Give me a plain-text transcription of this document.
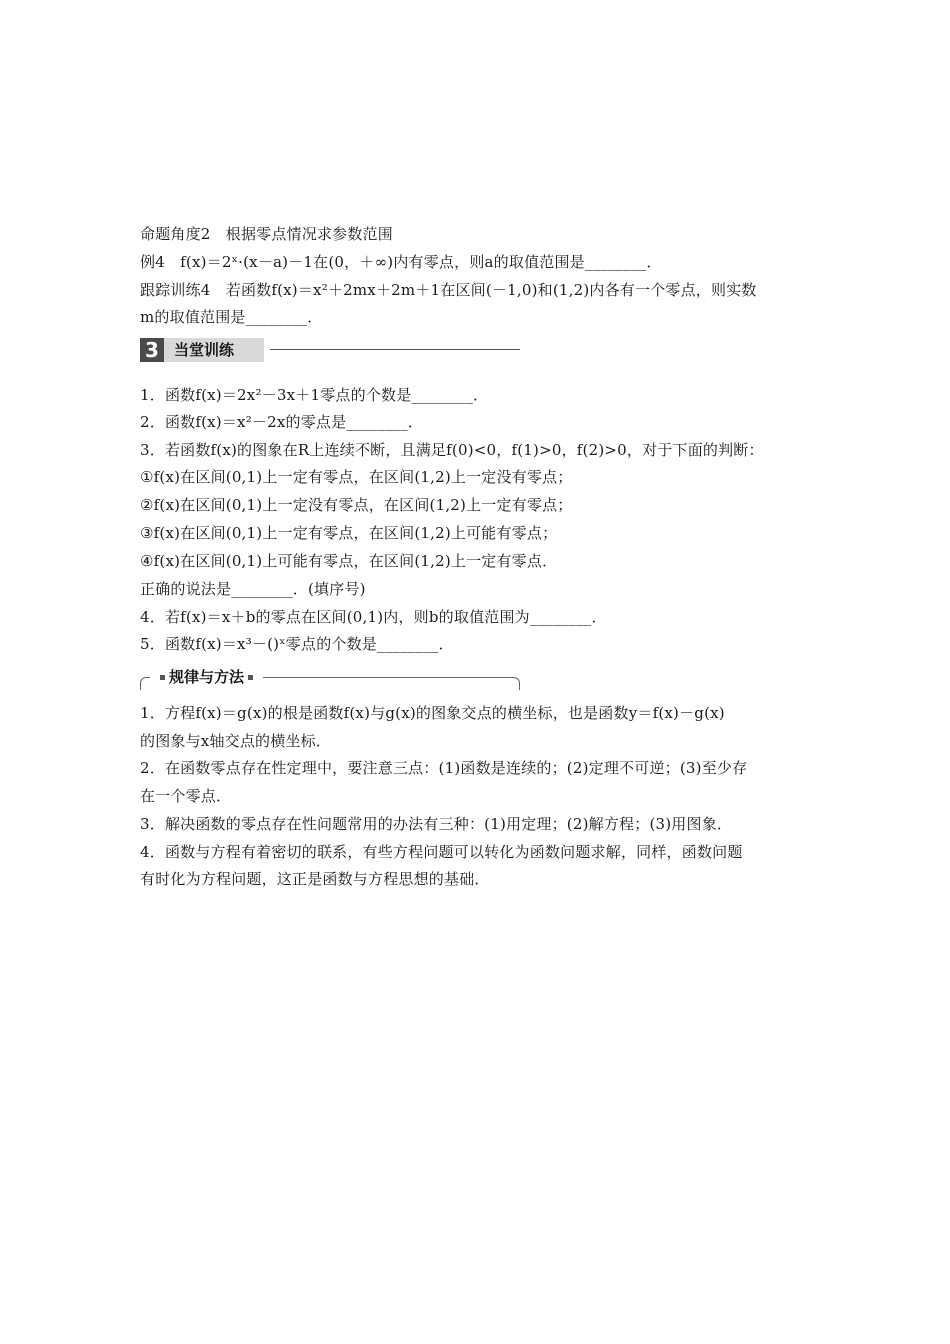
命题角度2　根据零点情况求参数范围
例4　f(x)＝2ˣ·(x－a)－1在(0，＋∞)内有零点，则a的取值范围是________．
跟踪训练4　若函数f(x)＝x²＋2mx＋2m＋1在区间(－1,0)和(1,2)内各有一个零点，则实数
m的取值范围是________．
3	当堂训练
1．函数f(x)＝2x²－3x＋1零点的个数是________．
2．函数f(x)＝x²－2x的零点是________．
3．若函数f(x)的图象在R上连续不断，且满足f(0)<0，f(1)>0，f(2)>0，对于下面的判断：
①f(x)在区间(0,1)上一定有零点，在区间(1,2)上一定没有零点；
②f(x)在区间(0,1)上一定没有零点，在区间(1,2)上一定有零点；
③f(x)在区间(0,1)上一定有零点，在区间(1,2)上可能有零点；
④f(x)在区间(0,1)上可能有零点，在区间(1,2)上一定有零点．
正确的说法是________．(填序号)
4．若f(x)＝x＋b的零点在区间(0,1)内，则b的取值范围为________．
5．函数f(x)＝x³－()ˣ零点的个数是________．
规律与方法
1．方程f(x)＝g(x)的根是函数f(x)与g(x)的图象交点的横坐标，也是函数y＝f(x)－g(x)
的图象与x轴交点的横坐标．
2．在函数零点存在性定理中，要注意三点：(1)函数是连续的；(2)定理不可逆；(3)至少存
在一个零点．
3．解决函数的零点存在性问题常用的办法有三种：(1)用定理；(2)解方程；(3)用图象．
4．函数与方程有着密切的联系，有些方程问题可以转化为函数问题求解，同样，函数问题
有时化为方程问题，这正是函数与方程思想的基础．
